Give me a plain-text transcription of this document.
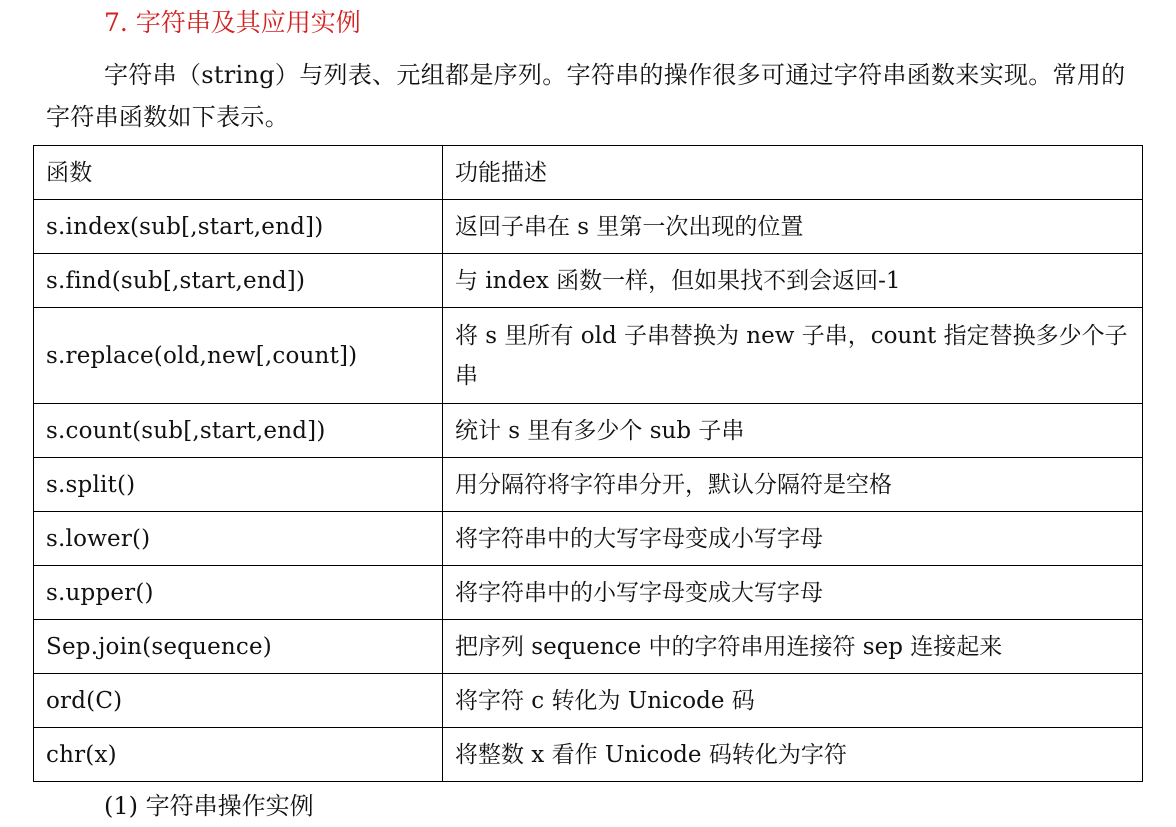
7. 字符串及其应用实例
字符串（string）与列表、元组都是序列。字符串的操作很多可通过字符串函数来实现。常用的字符串函数如下表示。
函数	功能描述
s.index(sub[,start,end])	返回子串在 s 里第一次出现的位置
s.find(sub[,start,end])	与 index 函数一样，但如果找不到会返回-1
s.replace(old,new[,count])	将 s 里所有 old 子串替换为 new 子串，count 指定替换多少个子串
s.count(sub[,start,end])	统计 s 里有多少个 sub 子串
s.split()	用分隔符将字符串分开，默认分隔符是空格
s.lower()	将字符串中的大写字母变成小写字母
s.upper()	将字符串中的小写字母变成大写字母
Sep.join(sequence)	把序列 sequence 中的字符串用连接符 sep 连接起来
ord(C)	将字符 c 转化为 Unicode 码
chr(x)	将整数 x 看作 Unicode 码转化为字符
(1) 字符串操作实例
